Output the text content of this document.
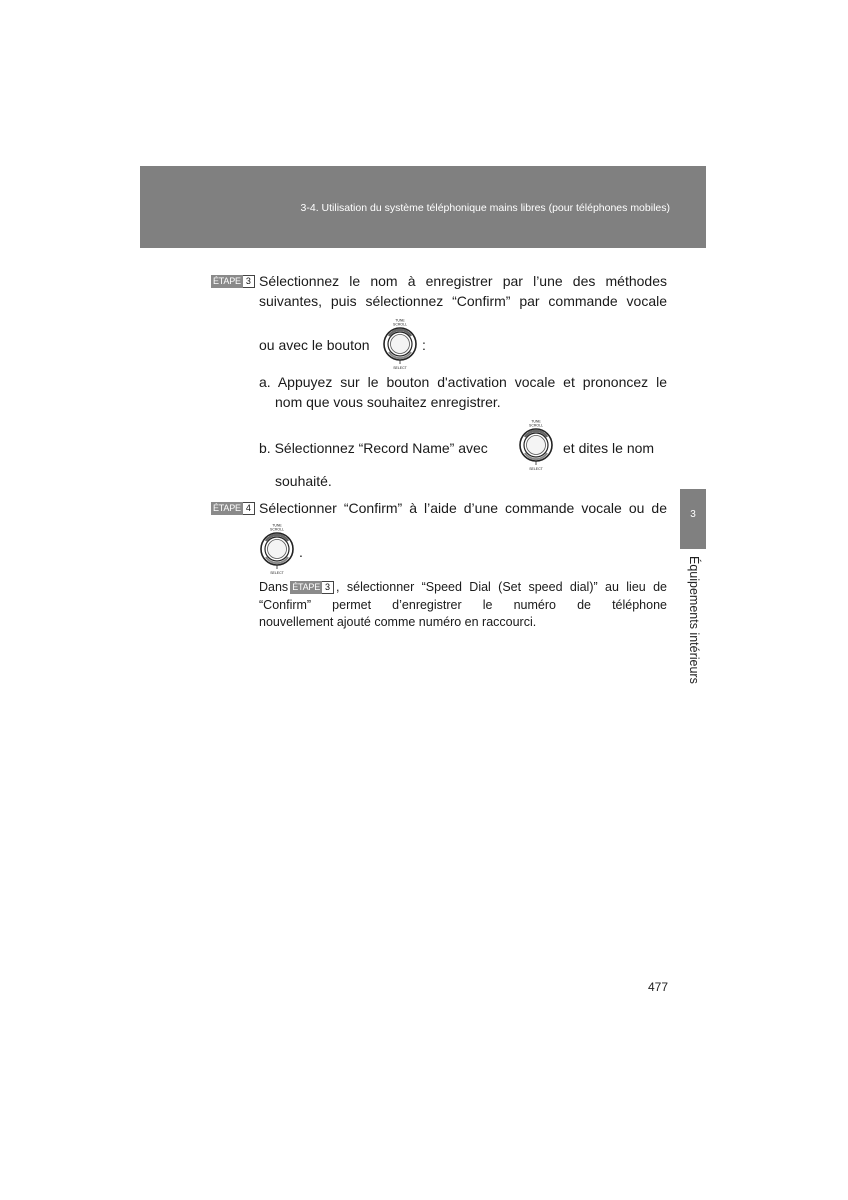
3-4. Utilisation du système téléphonique mains libres (pour téléphones mobiles)
3
Équipements intérieurs
ÉTAPE 3 Sélectionnez le nom à enregistrer par l’une des méthodes
suivantes, puis sélectionnez “Confirm” par commande vocale
ou avec le bouton
TUNE
SCROLL
SELECT
:
a. Appuyez sur le bouton d'activation vocale et prononcez le
nom que vous souhaitez enregistrer.
b. Sélectionnez “Record Name” avec
TUNE
SCROLL
SELECT
et dites le nom
souhaité.
ÉTAPE 4 Sélectionner “Confirm” à l’aide d’une commande vocale ou de
TUNE
SCROLL
SELECT
.
Dans ÉTAPE 3 , sélectionner “Speed Dial (Set speed dial)” au lieu de
“Confirm” permet d’enregistrer le numéro de téléphone
nouvellement ajouté comme numéro en raccourci.
477
